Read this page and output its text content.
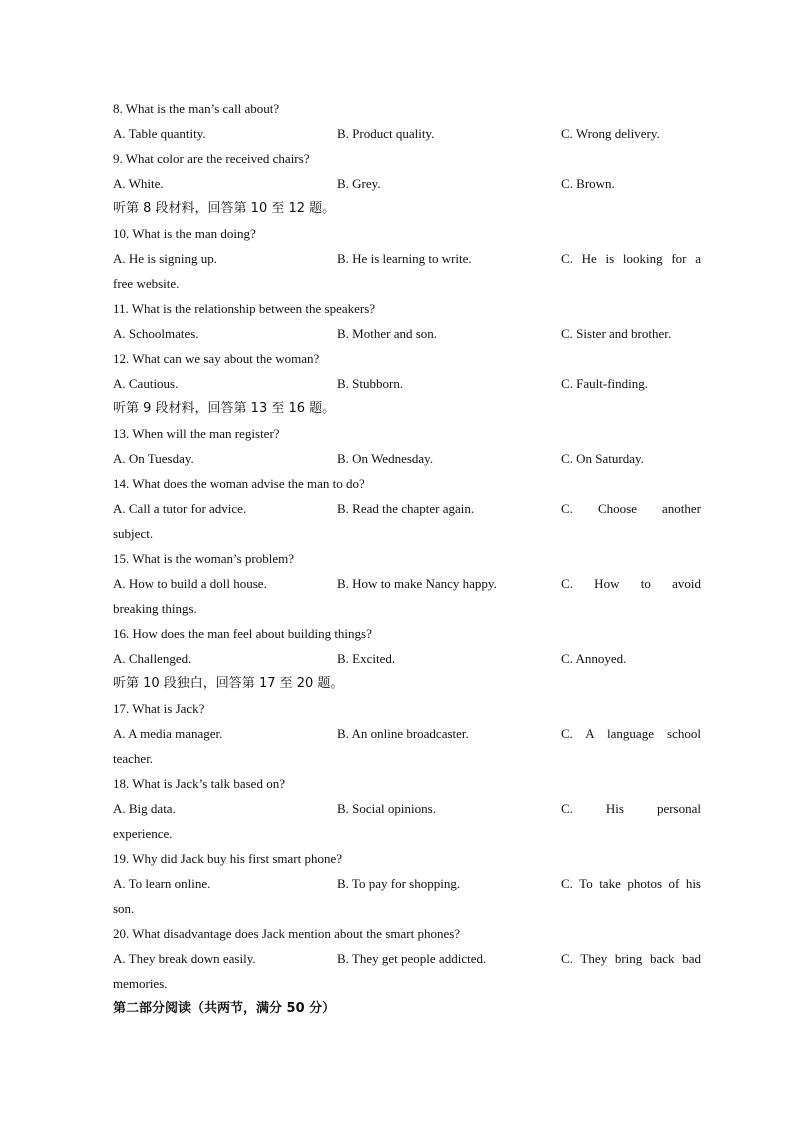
8. What is the man’s call about?
A. Table quantity.	B. Product quality.	C. Wrong delivery.
9. What color are the received chairs?
A. White.	B. Grey.	C. Brown.
听第 8 段材料，回答第 10 至 12 题。
10. What is the man doing?
A. He is signing up.	B. He is learning to write.	C. He is looking for a
free website.
11. What is the relationship between the speakers?
A. Schoolmates.	B. Mother and son.	C. Sister and brother.
12. What can we say about the woman?
A. Cautious.	B. Stubborn.	C. Fault-finding.
听第 9 段材料，回答第 13 至 16 题。
13. When will the man register?
A. On Tuesday.	B. On Wednesday.	C. On Saturday.
14. What does the woman advise the man to do?
A. Call a tutor for advice.	B. Read the chapter again.	C. Choose another
subject.
15. What is the woman’s problem?
A. How to build a doll house.	B. How to make Nancy happy.	C. How to avoid
breaking things.
16. How does the man feel about building things?
A. Challenged.	B. Excited.	C. Annoyed.
听第 10 段独白，回答第 17 至 20 题。
17. What is Jack?
A. A media manager.	B. An online broadcaster.	C. A language school
teacher.
18. What is Jack’s talk based on?
A. Big data.	B. Social opinions.	C. His personal
experience.
19. Why did Jack buy his first smart phone?
A. To learn online.	B. To pay for shopping.	C. To take photos of his
son.
20. What disadvantage does Jack mention about the smart phones?
A. They break down easily.	B. They get people addicted.	C. They bring back bad
memories.
第二部分阅读（共两节，满分 50 分）
